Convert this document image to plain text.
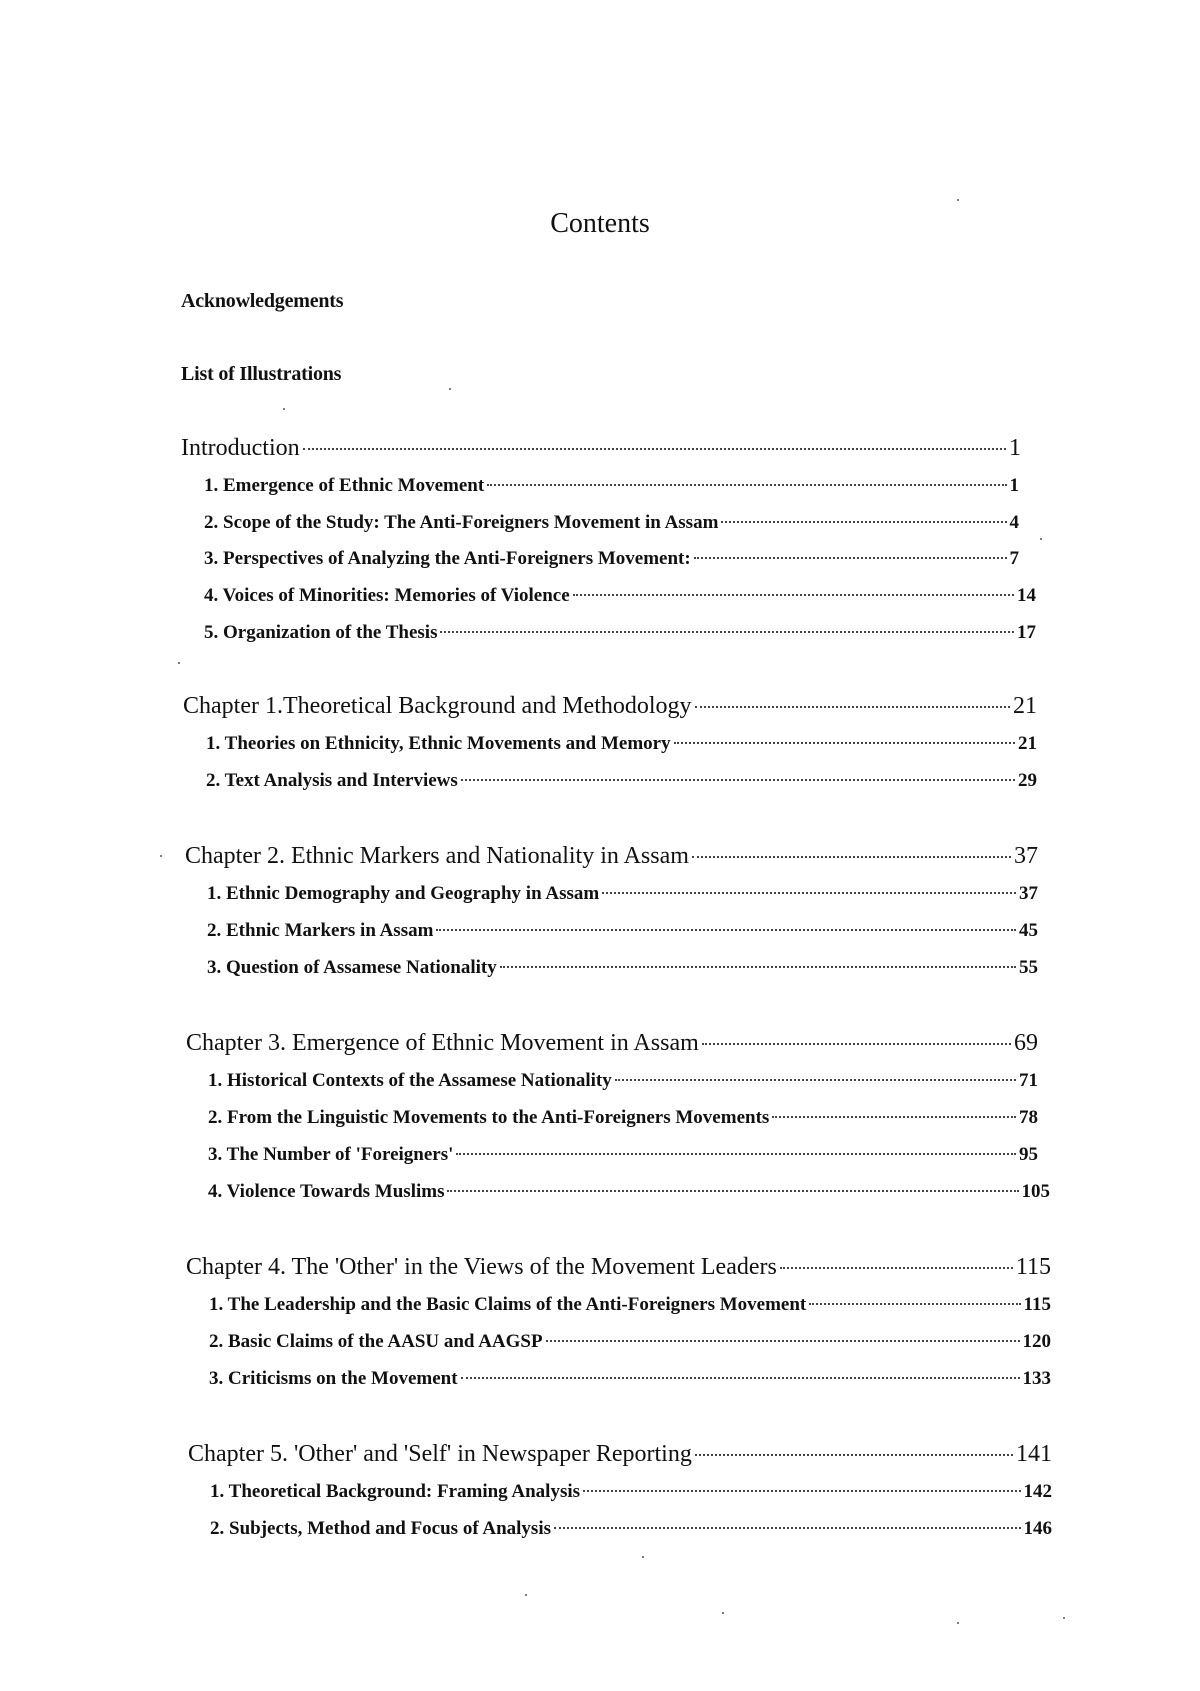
Contents
Acknowledgements
List of Illustrations
Introduction	1
1. Emergence of Ethnic Movement	1
2. Scope of the Study: The Anti-Foreigners Movement in Assam	4
3. Perspectives of Analyzing the Anti-Foreigners Movement:	7
4. Voices of Minorities: Memories of Violence	14
5. Organization of the Thesis	17
Chapter 1.Theoretical Background and Methodology	21
1. Theories on Ethnicity, Ethnic Movements and Memory	21
2. Text Analysis and Interviews	29
Chapter 2. Ethnic Markers and Nationality in Assam	37
1. Ethnic Demography and Geography in Assam	37
2. Ethnic Markers in Assam	45
3. Question of Assamese Nationality	55
Chapter 3. Emergence of Ethnic Movement in Assam	69
1. Historical Contexts of the Assamese Nationality	71
2. From the Linguistic Movements to the Anti-Foreigners Movements	78
3. The Number of 'Foreigners'	95
4. Violence Towards Muslims	105
Chapter 4. The 'Other' in the Views of the Movement Leaders	115
1. The Leadership and the Basic Claims of the Anti-Foreigners Movement	115
2. Basic Claims of the AASU and AAGSP	120
3. Criticisms on the Movement	133
Chapter 5. 'Other' and 'Self' in Newspaper Reporting	141
1. Theoretical Background: Framing Analysis	142
2. Subjects, Method and Focus of Analysis	146
